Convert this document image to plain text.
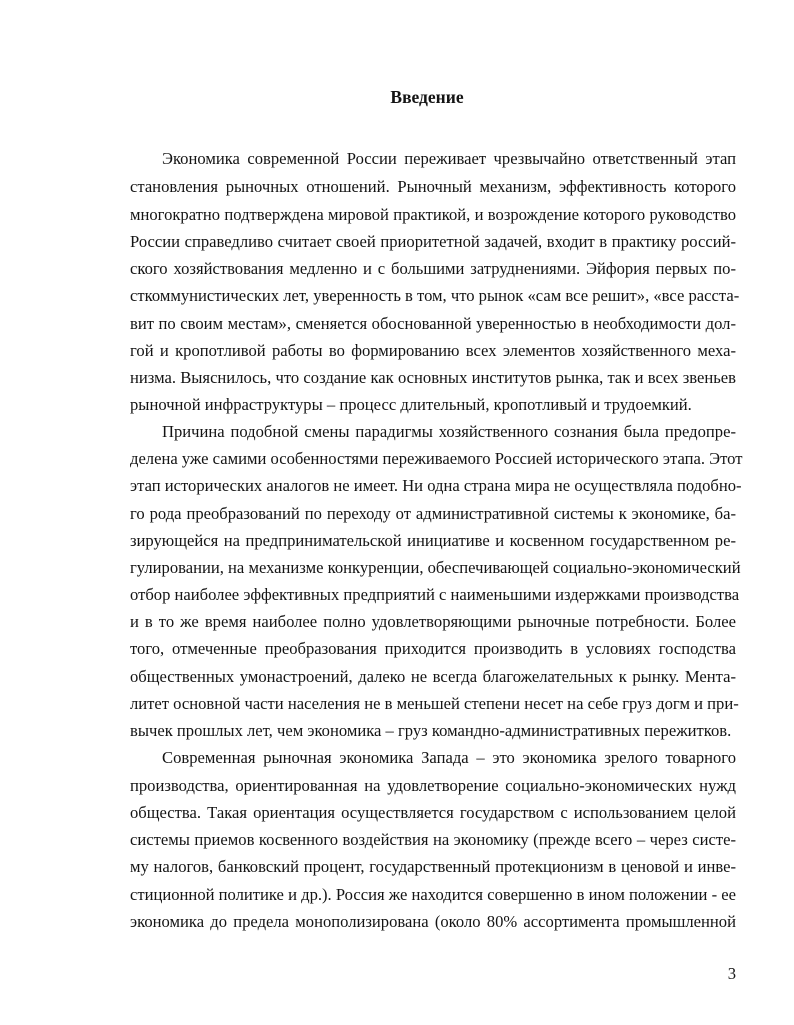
Введение
Экономика современной России переживает чрезвычайно ответственный этап
становления рыночных отношений. Рыночный механизм, эффективность которого
многократно подтверждена мировой практикой, и возрождение которого руководство
России справедливо считает своей приоритетной задачей, входит в практику россий-
ского хозяйствования медленно и с большими затруднениями. Эйфория первых по-
сткоммунистических лет, уверенность в том, что рынок «сам все решит», «все расста-
вит по своим местам», сменяется обоснованной уверенностью в необходимости дол-
гой и кропотливой работы во формированию всех элементов хозяйственного меха-
низма. Выяснилось, что создание как основных институтов рынка, так и всех звеньев
рыночной инфраструктуры – процесс длительный, кропотливый и трудоемкий.
Причина подобной смены парадигмы хозяйственного сознания была предопре-
делена уже самими особенностями переживаемого Россией исторического этапа. Этот
этап исторических аналогов не имеет. Ни одна страна мира не осуществляла подобно-
го рода преобразований по переходу от административной системы к экономике, ба-
зирующейся на предпринимательской инициативе и косвенном государственном ре-
гулировании, на механизме конкуренции, обеспечивающей социально-экономический
отбор наиболее эффективных предприятий с наименьшими издержками производства
и в то же время наиболее полно удовлетворяющими рыночные потребности. Более
того, отмеченные преобразования приходится производить в условиях господства
общественных умонастроений, далеко не всегда благожелательных к рынку. Мента-
литет основной части населения не в меньшей степени несет на себе груз догм и при-
вычек прошлых лет, чем экономика – груз командно-административных пережитков.
Современная рыночная экономика Запада – это экономика зрелого товарного
производства, ориентированная на удовлетворение социально-экономических нужд
общества. Такая ориентация осуществляется государством с использованием целой
системы приемов косвенного воздействия на экономику (прежде всего – через систе-
му налогов, банковский процент, государственный протекционизм в ценовой и инве-
стиционной политике и др.). Россия же находится совершенно в ином положении - ее
экономика до предела монополизирована (около 80% ассортимента промышленной
3
